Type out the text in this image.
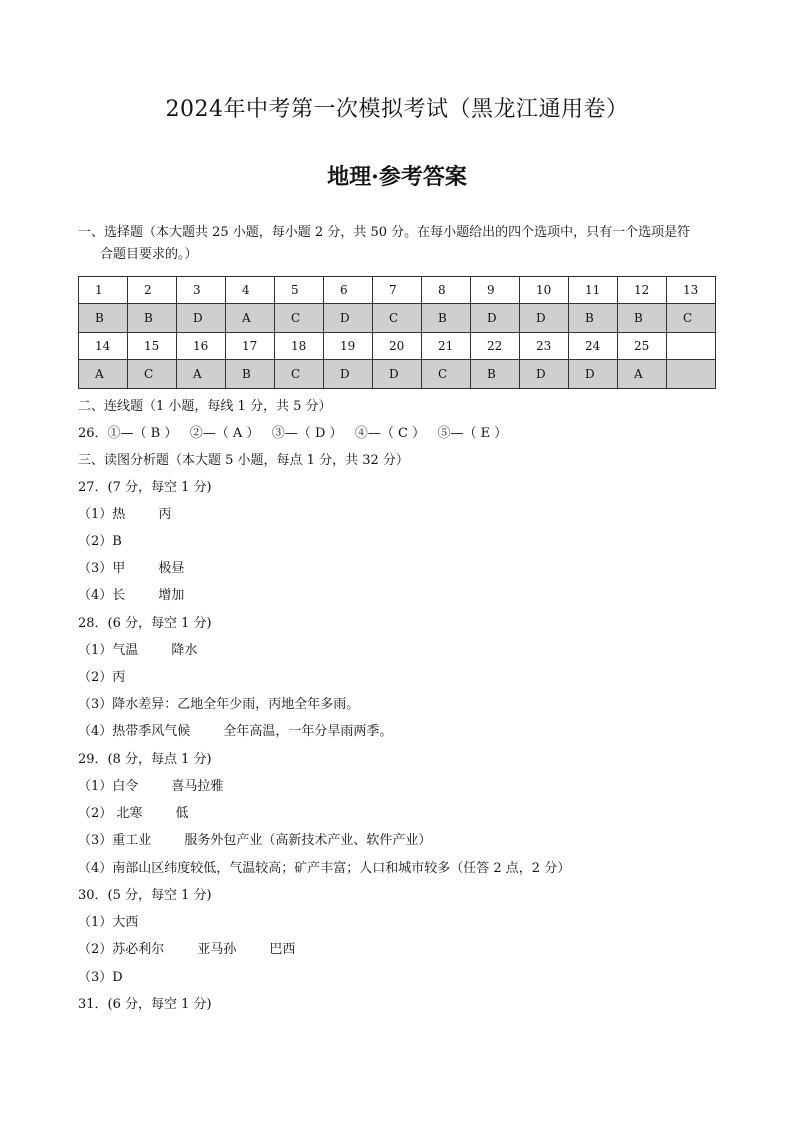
2024年中考第一次模拟考试（黑龙江通用卷）
地理·参考答案
一、选择题（本大题共 25 小题，每小题 2 分，共 50 分。在每小题给出的四个选项中，只有一个选项是符
合题目要求的。）
1	2	3	4	5	6	7	8	9	10	11	12	13
B	B	D	A	C	D	C	B	D	D	B	B	C
14	15	16	17	18	19	20	21	22	23	24	25	
A	C	A	B	C	D	D	C	B	D	D	A	
二、连线题（1 小题，每线 1 分，共 5 分）
26．①—（ B ）   ②—（ A ）   ③—（ D ）   ④—（ C ）   ⑤—（ E ）
三、读图分析题（本大题 5 小题，每点 1 分，共 32 分）
27．(7 分，每空 1 分)
（1）热        丙
（2）B
（3）甲        极昼
（4）长        增加
28．(6 分，每空 1 分)
（1）气温        降水
（2）丙
（3）降水差异：乙地全年少雨，丙地全年多雨。
（4）热带季风气候        全年高温，一年分旱雨两季。
29．(8 分，每点 1 分)
（1）白令        喜马拉雅
（2） 北寒        低
（3）重工业        服务外包产业（高新技术产业、软件产业）
（4）南部山区纬度较低，气温较高；矿产丰富；人口和城市较多（任答 2 点，2 分）
30．(5 分，每空 1 分)
（1）大西
（2）苏必利尔        亚马孙        巴西
（3）D
31．(6 分，每空 1 分)
